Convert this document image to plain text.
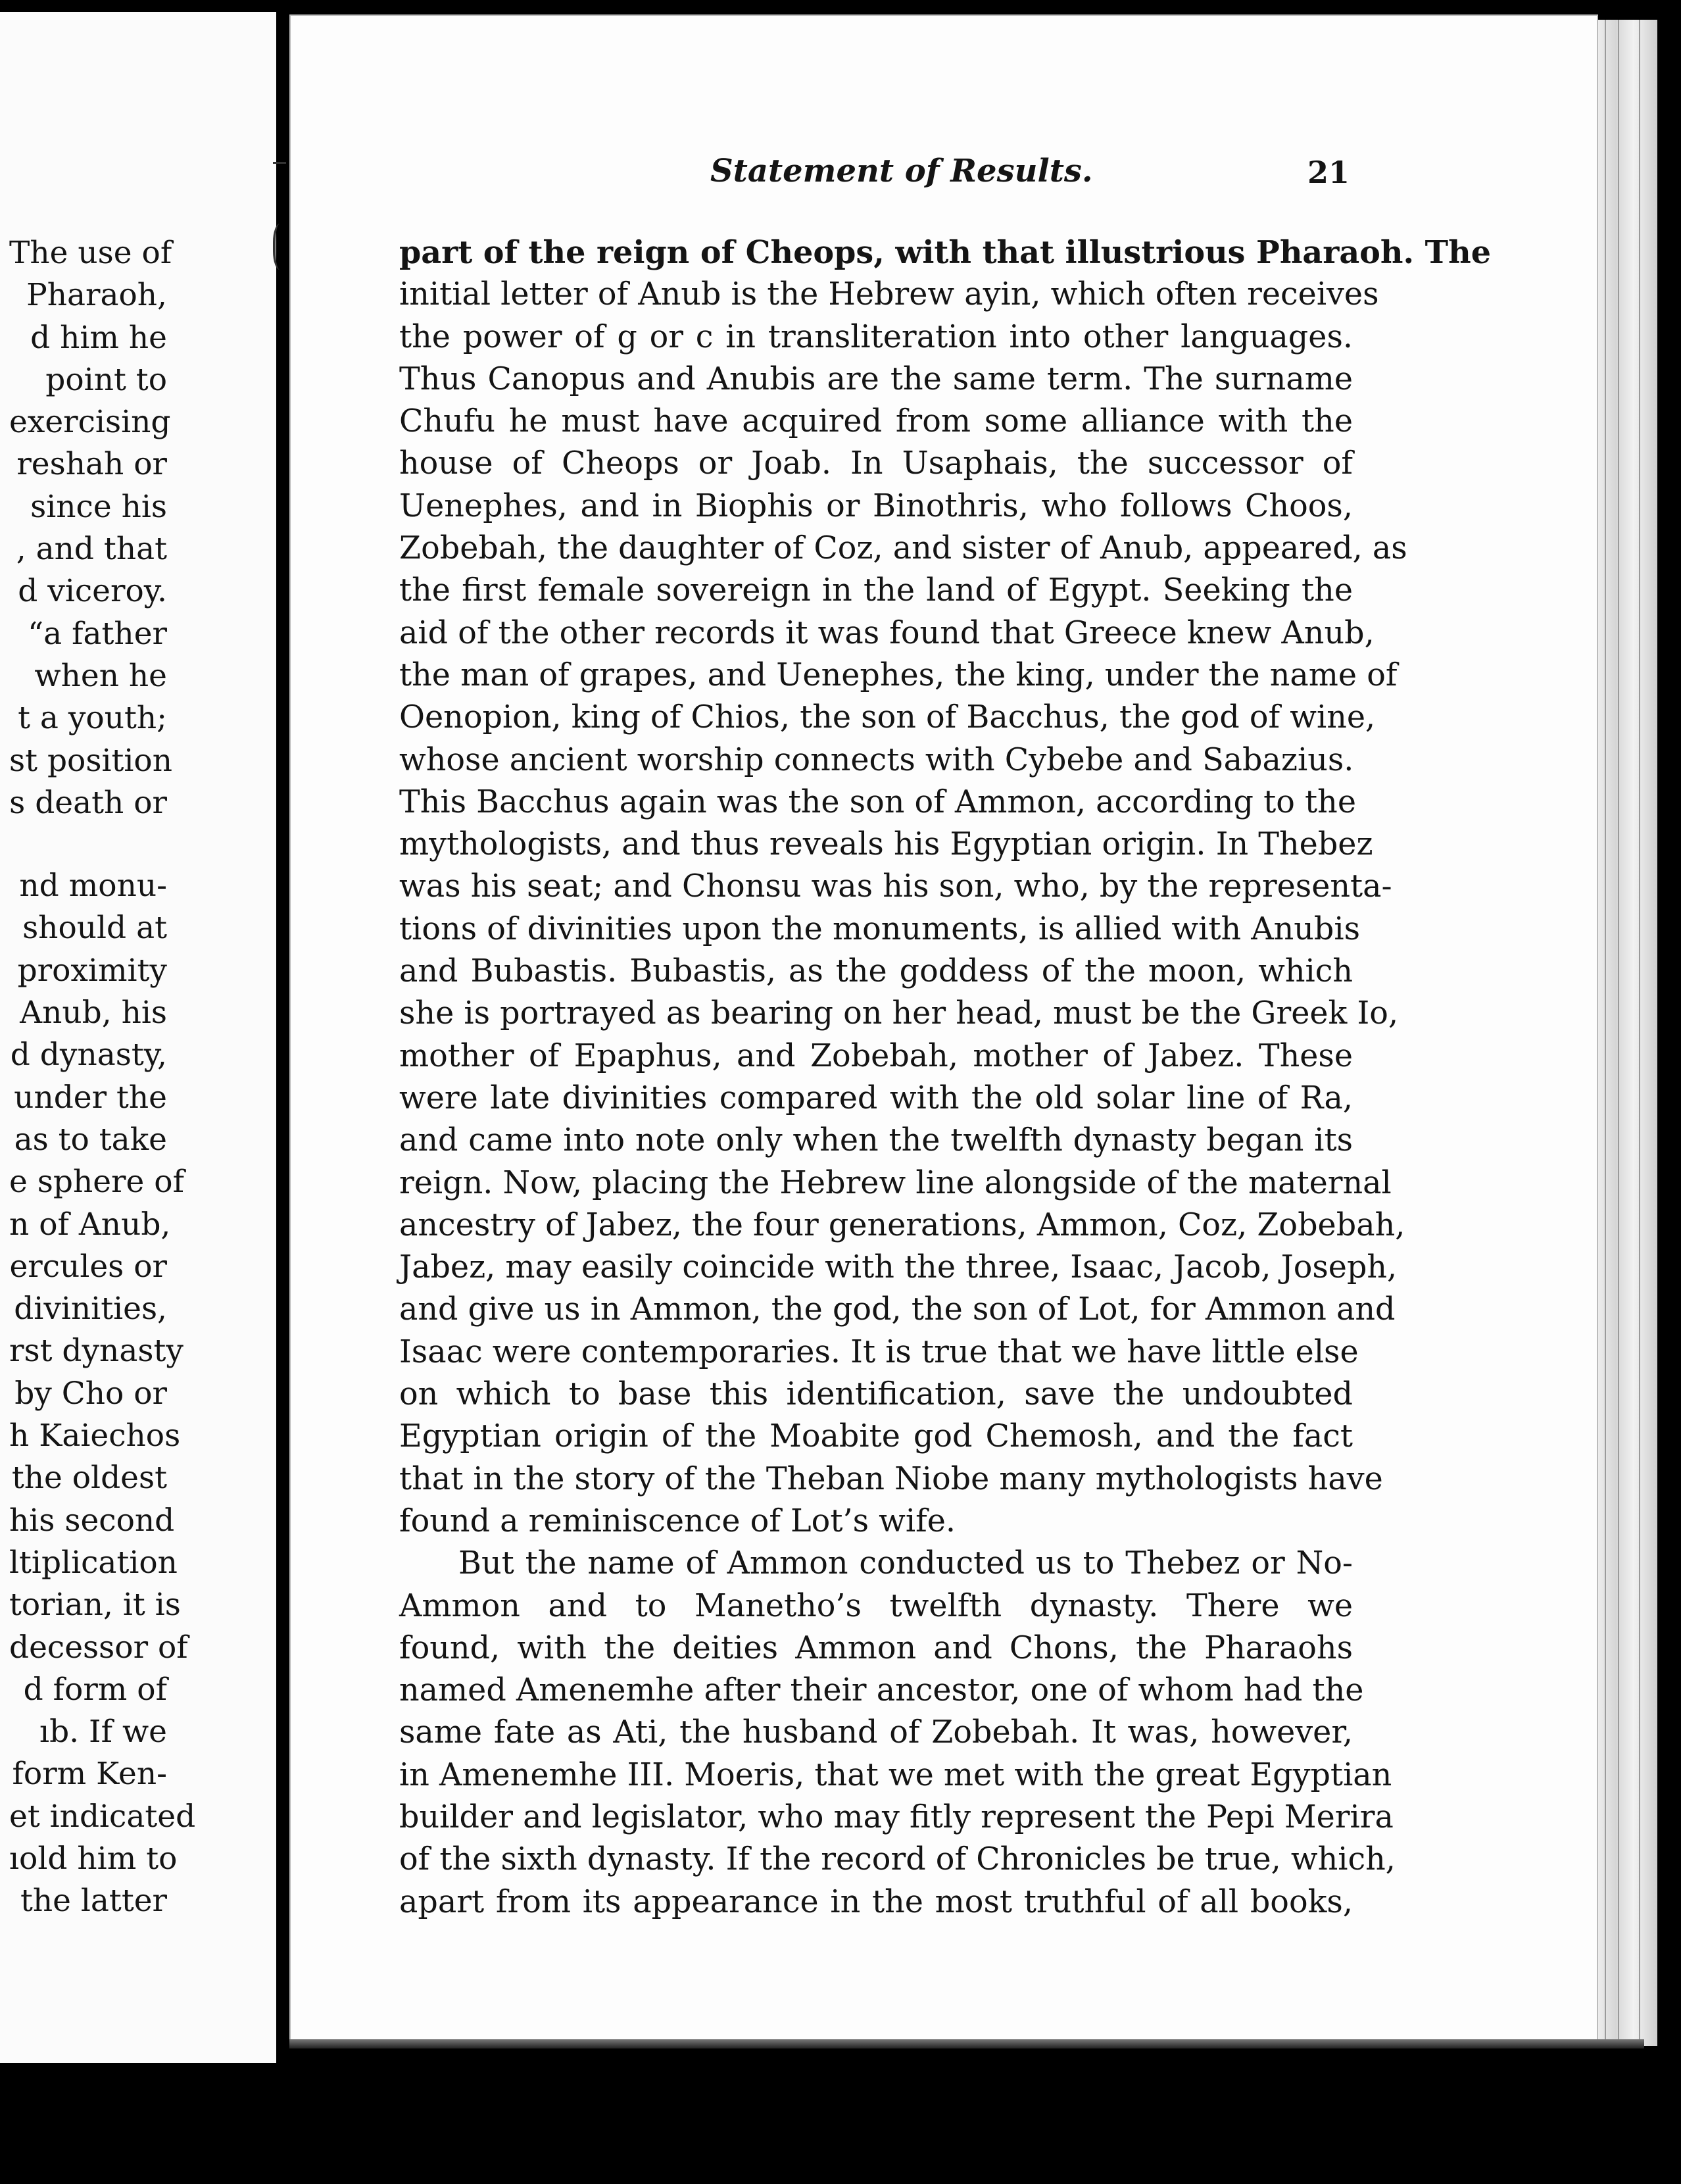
The use of
Pharaoh,
d him he
point to
exercising
reshah or
since his
, and that
d viceroy.
“a father
when he
t a youth;
st position
s death or
nd monu-
should at
proximity
Anub, his
d dynasty,
under the
as to take
e sphere of
n of Anub,
ercules or
divinities,
rst dynasty
by Cho or
h Kaiechos
the oldest
his second
ltiplication
torian, it is
decessor of
d form of
ıb. If we
form Ken-
et indicated
ıold him to
the latter
Statement of Results.	21
part of the reign of Cheops, with that illustrious Pharaoh. The
initial letter of Anub is the Hebrew ayin, which often receives
the power of g or c in transliteration into other languages.
Thus Canopus and Anubis are the same term. The surname
Chufu he must have acquired from some alliance with the
house of Cheops or Joab. In Usaphais, the successor of
Uenephes, and in Biophis or Binothris, who follows Choos,
Zobebah, the daughter of Coz, and sister of Anub, appeared, as
the first female sovereign in the land of Egypt. Seeking the
aid of the other records it was found that Greece knew Anub,
the man of grapes, and Uenephes, the king, under the name of
Oenopion, king of Chios, the son of Bacchus, the god of wine,
whose ancient worship connects with Cybebe and Sabazius.
This Bacchus again was the son of Ammon, according to the
mythologists, and thus reveals his Egyptian origin. In Thebez
was his seat; and Chonsu was his son, who, by the representa-
tions of divinities upon the monuments, is allied with Anubis
and Bubastis. Bubastis, as the goddess of the moon, which
she is portrayed as bearing on her head, must be the Greek Io,
mother of Epaphus, and Zobebah, mother of Jabez. These
were late divinities compared with the old solar line of Ra,
and came into note only when the twelfth dynasty began its
reign. Now, placing the Hebrew line alongside of the maternal
ancestry of Jabez, the four generations, Ammon, Coz, Zobebah,
Jabez, may easily coincide with the three, Isaac, Jacob, Joseph,
and give us in Ammon, the god, the son of Lot, for Ammon and
Isaac were contemporaries. It is true that we have little else
on which to base this identification, save the undoubted
Egyptian origin of the Moabite god Chemosh, and the fact
that in the story of the Theban Niobe many mythologists have
found a reminiscence of Lot’s wife.
But the name of Ammon conducted us to Thebez or No-
Ammon and to Manetho’s twelfth dynasty. There we
found, with the deities Ammon and Chons, the Pharaohs
named Amenemhe after their ancestor, one of whom had the
same fate as Ati, the husband of Zobebah. It was, however,
in Amenemhe III. Moeris, that we met with the great Egyptian
builder and legislator, who may fitly represent the Pepi Merira
of the sixth dynasty. If the record of Chronicles be true, which,
apart from its appearance in the most truthful of all books,
